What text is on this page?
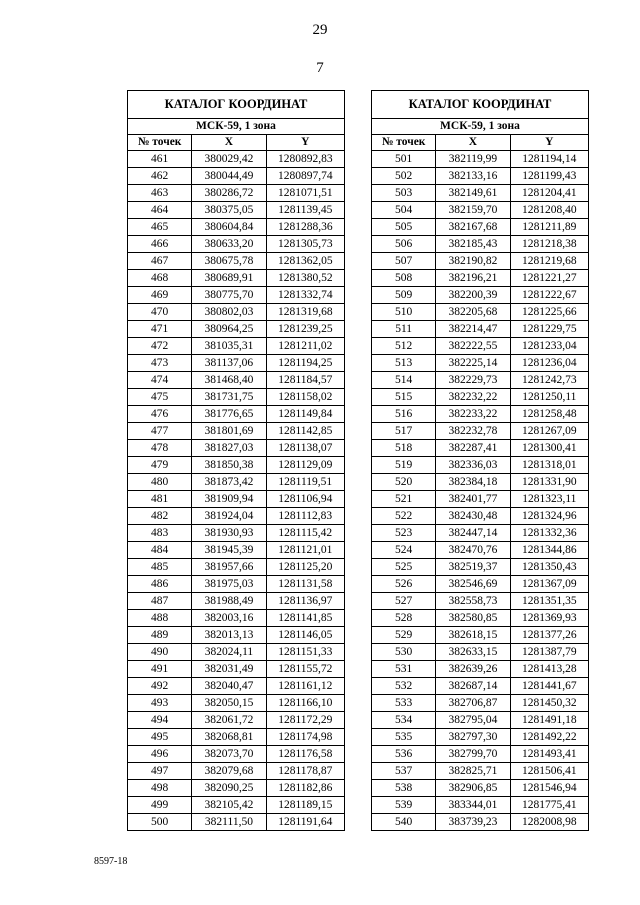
29
7
КАТАЛОГ КООРДИНАТ		
МСК-59, 1 зона		
№ точек	X	Y
461	380029,42	1280892,83
462	380044,49	1280897,74
463	380286,72	1281071,51
464	380375,05	1281139,45
465	380604,84	1281288,36
466	380633,20	1281305,73
467	380675,78	1281362,05
468	380689,91	1281380,52
469	380775,70	1281332,74
470	380802,03	1281319,68
471	380964,25	1281239,25
472	381035,31	1281211,02
473	381137,06	1281194,25
474	381468,40	1281184,57
475	381731,75	1281158,02
476	381776,65	1281149,84
477	381801,69	1281142,85
478	381827,03	1281138,07
479	381850,38	1281129,09
480	381873,42	1281119,51
481	381909,94	1281106,94
482	381924,04	1281112,83
483	381930,93	1281115,42
484	381945,39	1281121,01
485	381957,66	1281125,20
486	381975,03	1281131,58
487	381988,49	1281136,97
488	382003,16	1281141,85
489	382013,13	1281146,05
490	382024,11	1281151,33
491	382031,49	1281155,72
492	382040,47	1281161,12
493	382050,15	1281166,10
494	382061,72	1281172,29
495	382068,81	1281174,98
496	382073,70	1281176,58
497	382079,68	1281178,87
498	382090,25	1281182,86
499	382105,42	1281189,15
500	382111,50	1281191,64
КАТАЛОГ КООРДИНАТ		
МСК-59, 1 зона		
№ точек	X	Y
501	382119,99	1281194,14
502	382133,16	1281199,43
503	382149,61	1281204,41
504	382159,70	1281208,40
505	382167,68	1281211,89
506	382185,43	1281218,38
507	382190,82	1281219,68
508	382196,21	1281221,27
509	382200,39	1281222,67
510	382205,68	1281225,66
511	382214,47	1281229,75
512	382222,55	1281233,04
513	382225,14	1281236,04
514	382229,73	1281242,73
515	382232,22	1281250,11
516	382233,22	1281258,48
517	382232,78	1281267,09
518	382287,41	1281300,41
519	382336,03	1281318,01
520	382384,18	1281331,90
521	382401,77	1281323,11
522	382430,48	1281324,96
523	382447,14	1281332,36
524	382470,76	1281344,86
525	382519,37	1281350,43
526	382546,69	1281367,09
527	382558,73	1281351,35
528	382580,85	1281369,93
529	382618,15	1281377,26
530	382633,15	1281387,79
531	382639,26	1281413,28
532	382687,14	1281441,67
533	382706,87	1281450,32
534	382795,04	1281491,18
535	382797,30	1281492,22
536	382799,70	1281493,41
537	382825,71	1281506,41
538	382906,85	1281546,94
539	383344,01	1281775,41
540	383739,23	1282008,98
8597-18
